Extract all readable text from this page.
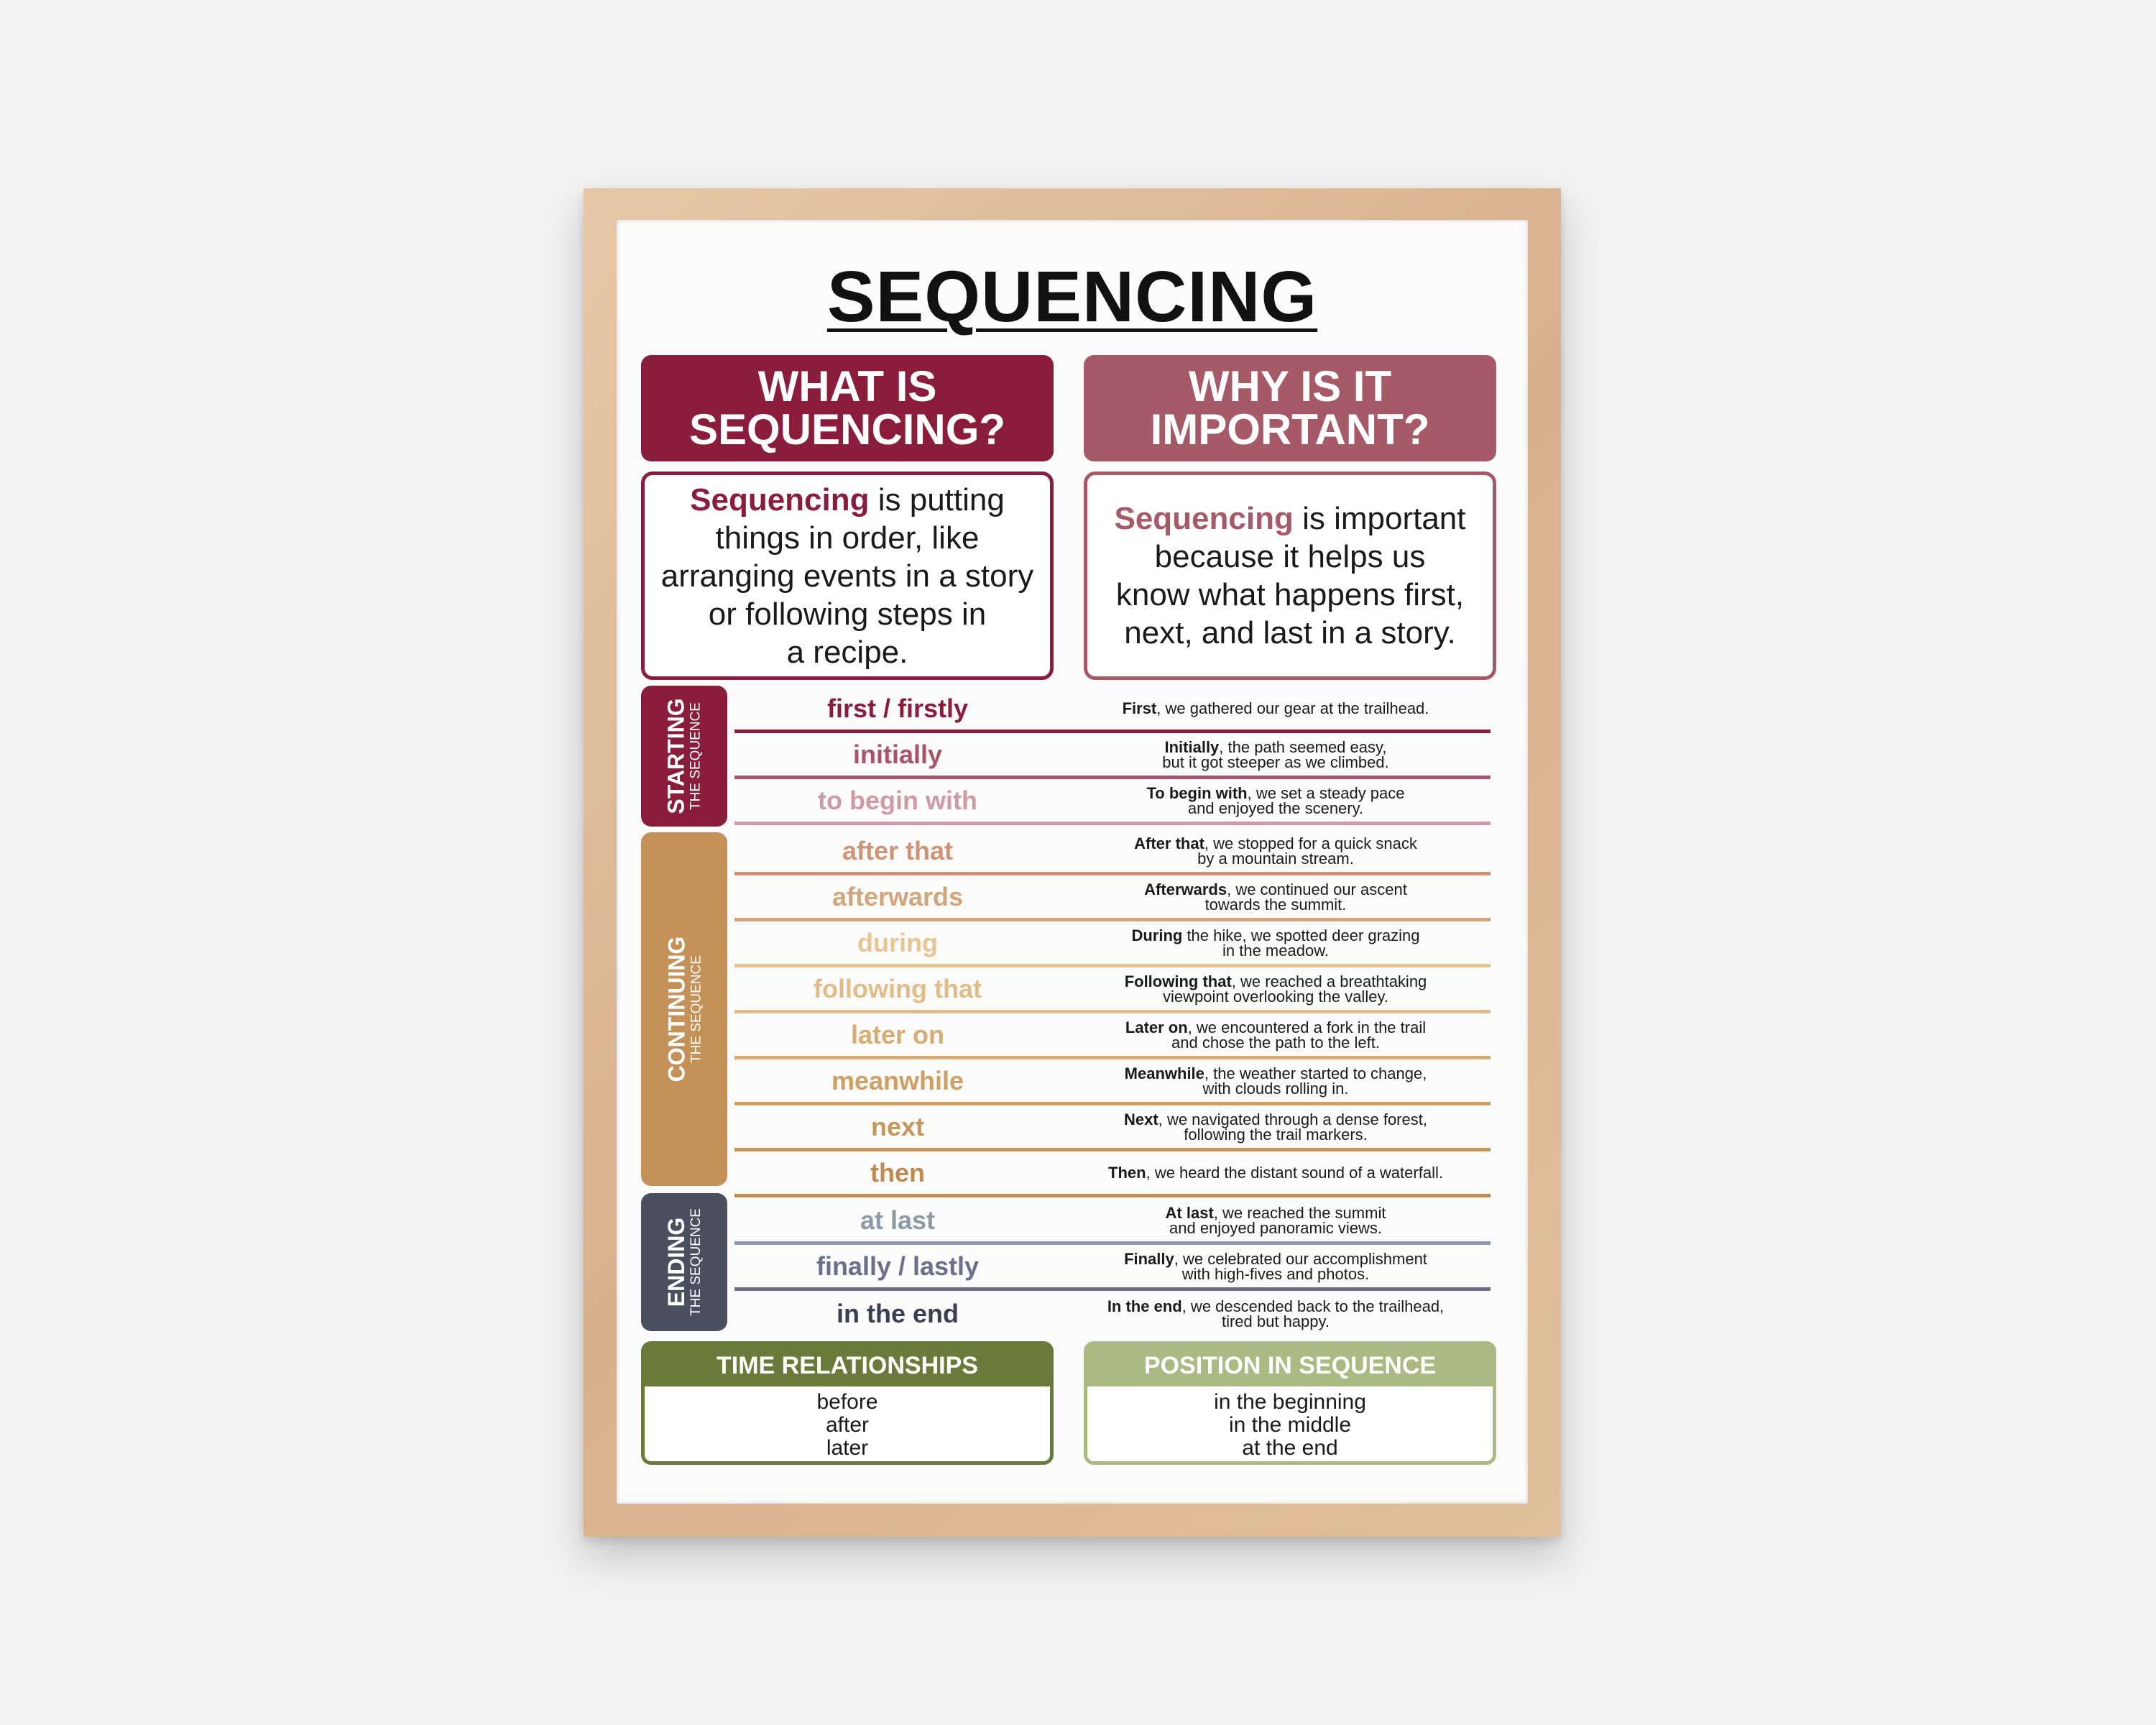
SEQUENCING
WHAT IS
SEQUENCING?
Sequencing is putting
things in order, like
arranging events in a story
or following steps in
a recipe.
WHY IS IT
IMPORTANT?
Sequencing is important
because it helps us
know what happens first,
next, and last in a story.
STARTING THE SEQUENCE
CONTINUING THE SEQUENCE
ENDING THE SEQUENCE
first / firstly	First, we gathered our gear at the trailhead.
initially	Initially, the path seemed easy,
but it got steeper as we climbed.
to begin with	To begin with, we set a steady pace
and enjoyed the scenery.
after that	After that, we stopped for a quick snack
by a mountain stream.
afterwards	Afterwards, we continued our ascent
towards the summit.
during	During the hike, we spotted deer grazing
in the meadow.
following that	Following that, we reached a breathtaking
viewpoint overlooking the valley.
later on	Later on, we encountered a fork in the trail
and chose the path to the left.
meanwhile	Meanwhile, the weather started to change,
with clouds rolling in.
next	Next, we navigated through a dense forest,
following the trail markers.
then	Then, we heard the distant sound of a waterfall.
at last	At last, we reached the summit
and enjoyed panoramic views.
finally / lastly	Finally, we celebrated our accomplishment
with high-fives and photos.
in the end	In the end, we descended back to the trailhead,
tired but happy.
TIME RELATIONSHIPS
before
after
later
POSITION IN SEQUENCE
in the beginning
in the middle
at the end
